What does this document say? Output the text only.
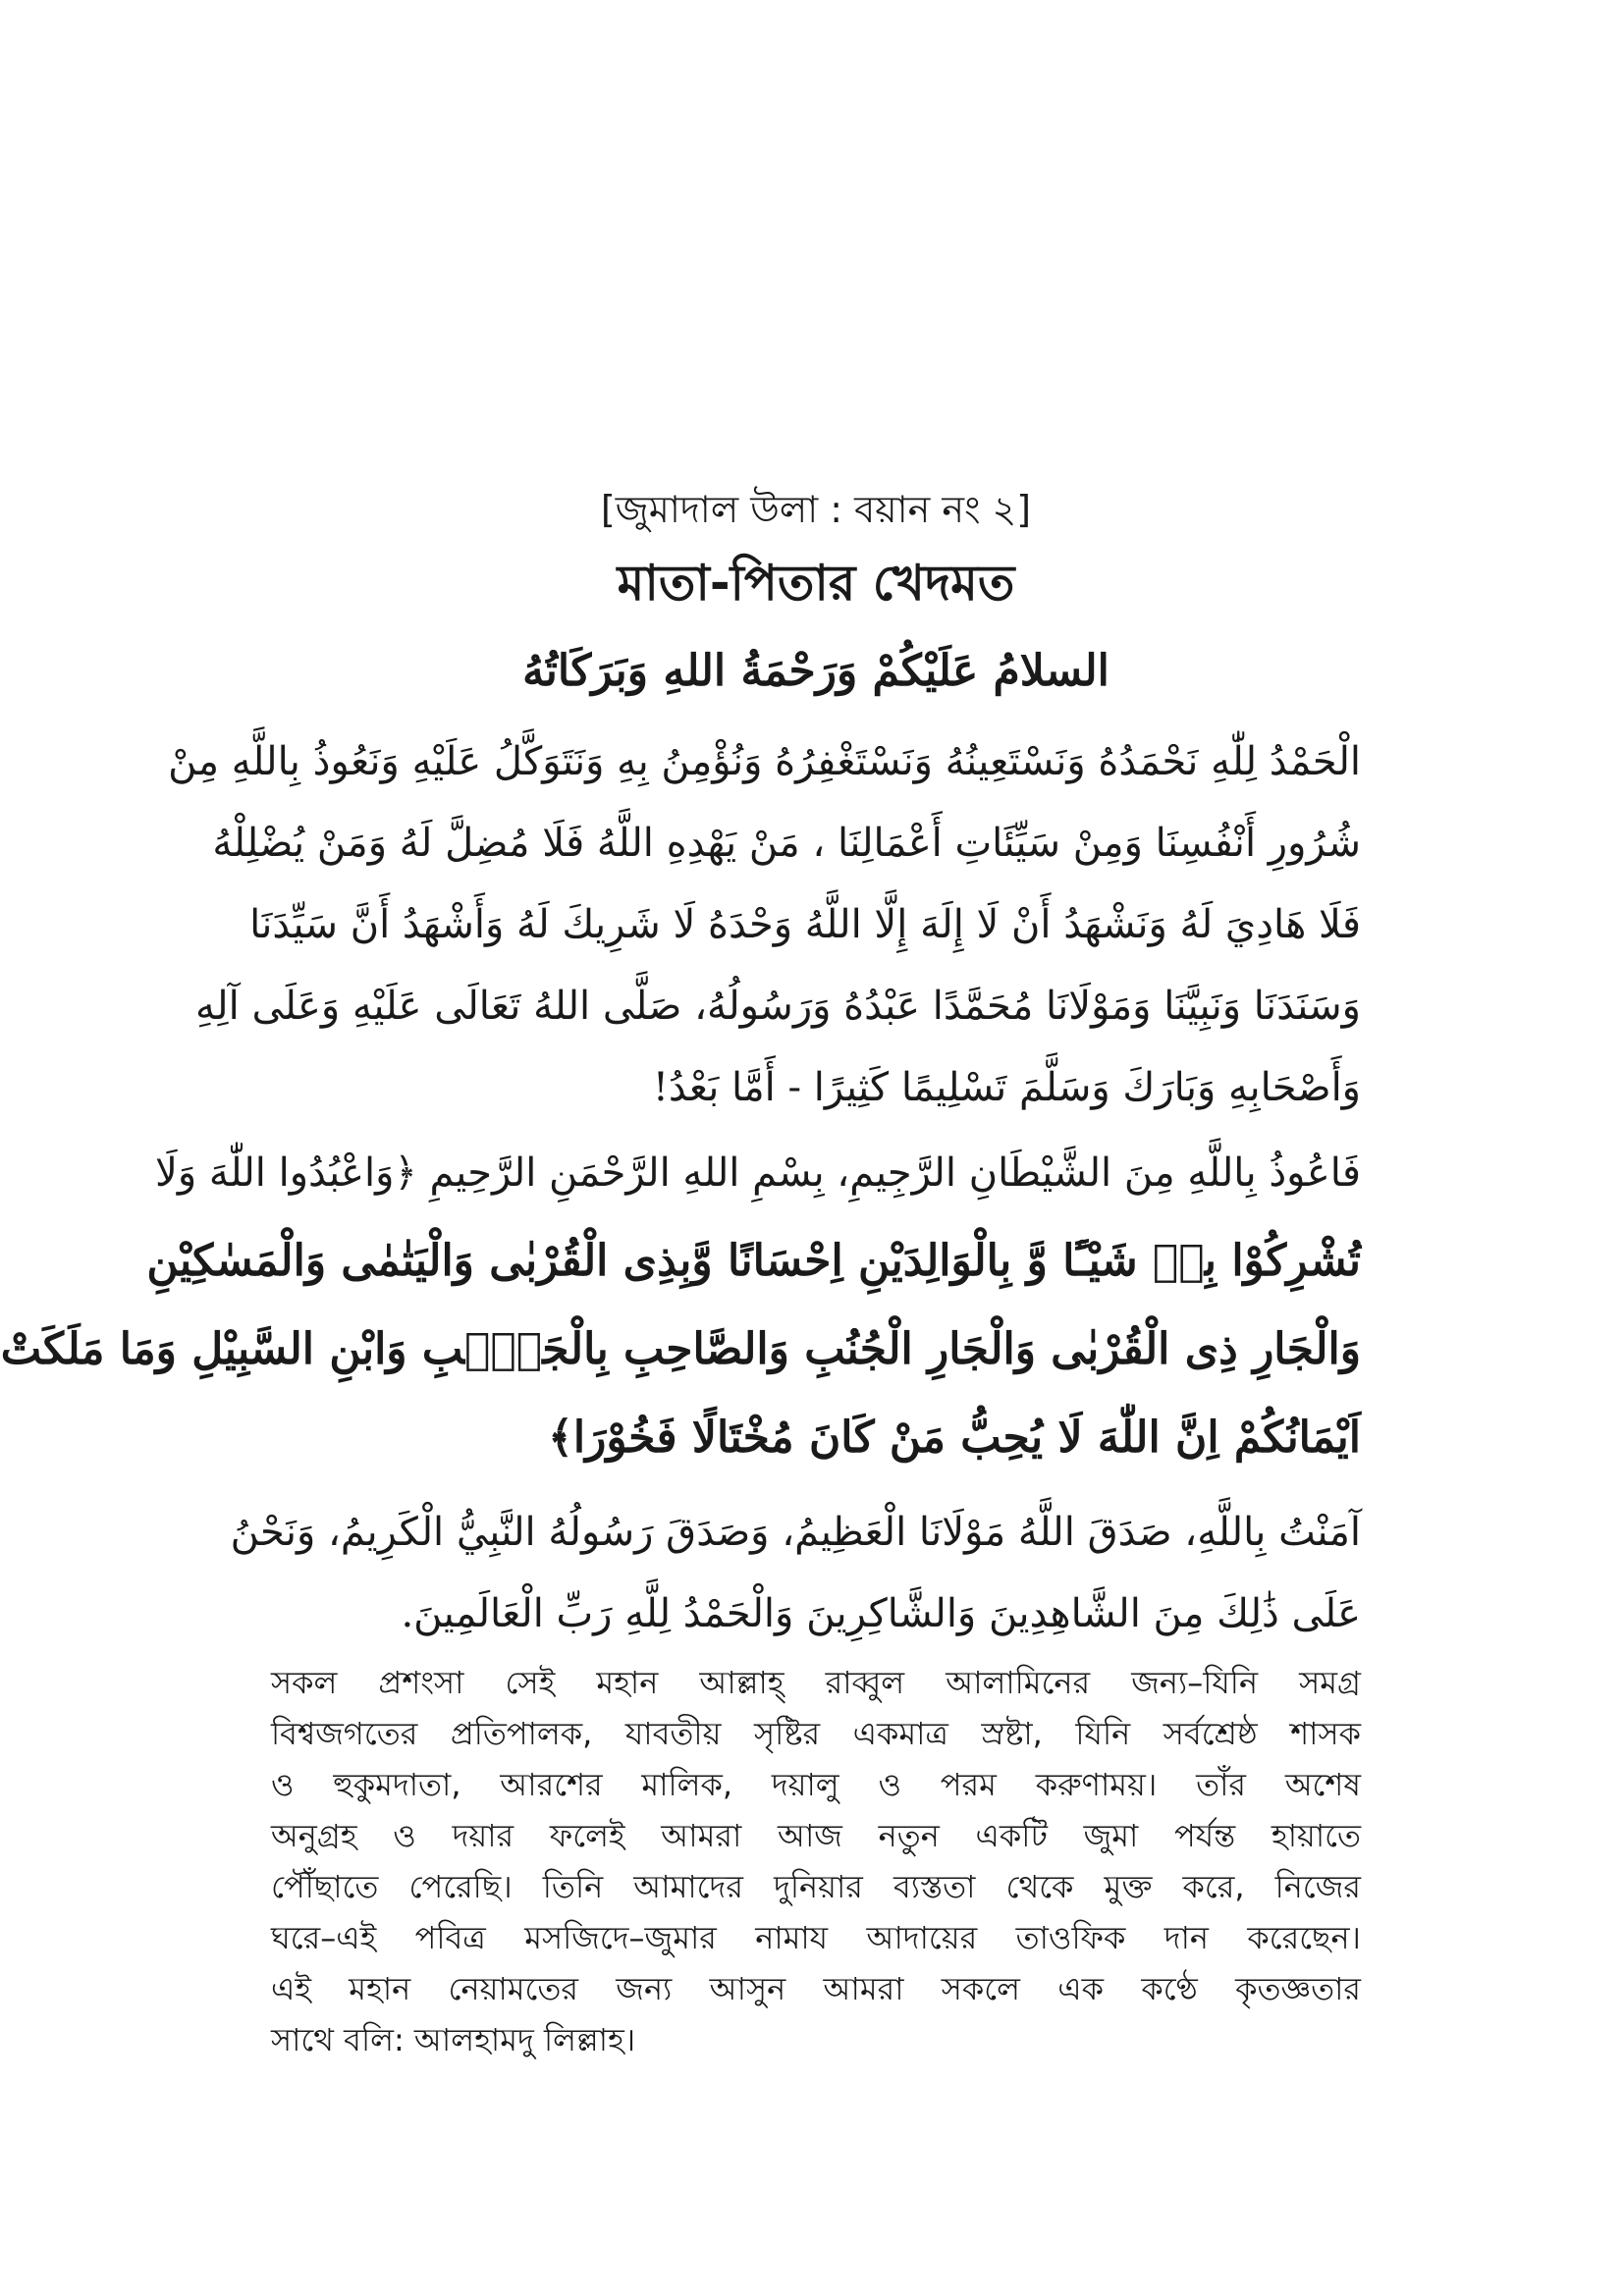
[জুমাদাল উলা : বয়ান নং ২]
মাতা-পিতার খেদমত
السلامُ عَلَيْكُمْ وَرَحْمَةُ اللهِ وَبَرَكَاتُهُ

الْحَمْدُ لِلّٰهِ نَحْمَدُهُ وَنَسْتَعِينُهُ وَنَسْتَغْفِرُهُ وَنُؤْمِنُ بِهِ وَنَتَوَكَّلُ عَلَيْهِ وَنَعُوذُ بِاللَّهِ مِنْ

شُرُورِ أَنْفُسِنَا وَمِنْ سَيِّئَاتِ أَعْمَالِنَا ، مَنْ يَهْدِهِ اللَّهُ فَلَا مُضِلَّ لَهُ وَمَنْ يُضْلِلْهُ

فَلَا هَادِيَ لَهُ وَنَشْهَدُ أَنْ لَا إِلَهَ إِلَّا اللَّهُ وَحْدَهُ لَا شَرِيكَ لَهُ وَأَشْهَدُ أَنَّ سَيِّدَنَا

وَسَنَدَنَا وَنَبِيَّنَا وَمَوْلَانَا مُحَمَّدًا عَبْدُهُ وَرَسُولُهُ، صَلَّى اللهُ تَعَالَى عَلَيْهِ وَعَلَى آلِهِ

وَأَصْحَابِهِ وَبَارَكَ وَسَلَّمَ تَسْلِيمًا كَثِيرًا - أَمَّا بَعْدُ!

فَاعُوذُ بِاللَّهِ مِنَ الشَّيْطَانِ الرَّجِيمِ، بِسْمِ اللهِ الرَّحْمَنِ الرَّحِيمِ ﴿وَاعْبُدُوا اللّٰهَ وَلَا

تُشْرِكُوْا بِهٖ شَيْـًٔا وَّ بِالْوَالِدَيْنِ اِحْسَانًا وَّبِذِی الْقُرْبٰی وَالْيَتٰمٰی وَالْمَسٰكِيْنِ

وَالْجَارِ ذِی الْقُرْبٰی وَالْجَارِ الْجُنُبِ وَالصَّاحِبِ بِالْجَنْۢبِ وَابْنِ السَّبِيْلِ وَمَا مَلَكَتْ

اَيْمَانُكُمْ اِنَّ اللّٰهَ لَا يُحِبُّ مَنْ كَانَ مُخْتَالًا فَخُوْرَا﴾

آمَنْتُ بِاللَّهِ، صَدَقَ اللَّهُ مَوْلَانَا الْعَظِيمُ، وَصَدَقَ رَسُولُهُ النَّبِيُّ الْكَرِيمُ، وَنَحْنُ

عَلَى ذَٰلِكَ مِنَ الشَّاهِدِينَ وَالشَّاكِرِينَ وَالْحَمْدُ لِلَّهِ رَبِّ الْعَالَمِينَ.

সকল প্রশংসা সেই মহান আল্লাহ্ রাব্বুল আলামিনের জন্য–যিনি সমগ্র

বিশ্বজগতের প্রতিপালক, যাবতীয় সৃষ্টির একমাত্র স্রষ্টা, যিনি সর্বশ্রেষ্ঠ শাসক

ও হুকুমদাতা, আরশের মালিক, দয়ালু ও পরম করুণাময়। তাঁর অশেষ

অনুগ্রহ ও দয়ার ফলেই আমরা আজ নতুন একটি জুমা পর্যন্ত হায়াতে

পৌঁছাতে পেরেছি। তিনি আমাদের দুনিয়ার ব্যস্ততা থেকে মুক্ত করে, নিজের

ঘরে–এই পবিত্র মসজিদে–জুমার নামায আদায়ের তাওফিক দান করেছেন।

এই মহান নেয়ামতের জন্য আসুন আমরা সকলে এক কণ্ঠে কৃতজ্ঞতার

সাথে বলি: আলহামদু লিল্লাহ।
